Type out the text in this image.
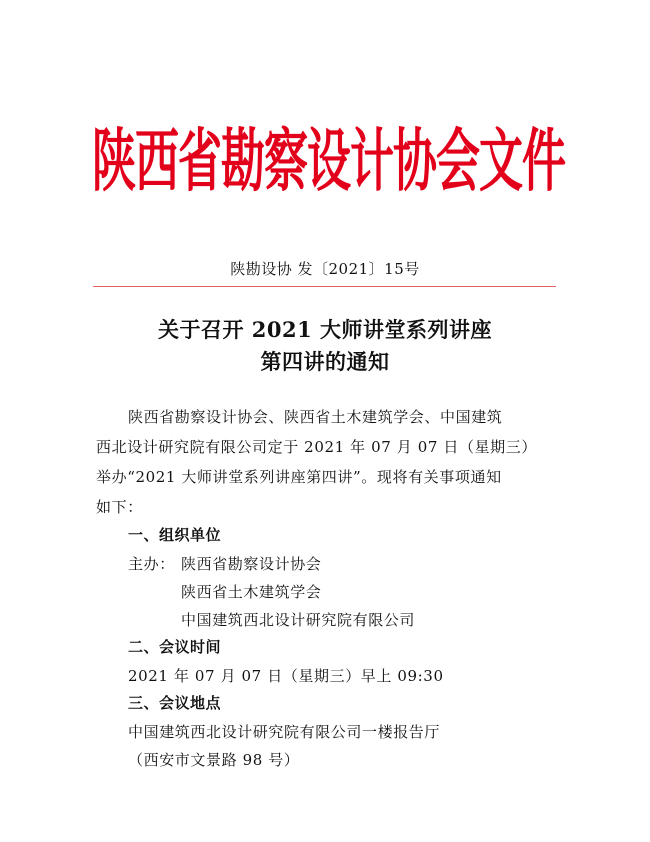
陕西省勘察设计协会文件
陕勘设协 发〔2021〕15号
关于召开 2021 大师讲堂系列讲座
第四讲的通知
陕西省勘察设计协会、陕西省土木建筑学会、中国建筑
西北设计研究院有限公司定于 2021 年 07 月 07 日（星期三）
举办“2021 大师讲堂系列讲座第四讲”。现将有关事项通知
如下：
一、组织单位
主办： 陕西省勘察设计协会
陕西省土木建筑学会
中国建筑西北设计研究院有限公司
二、会议时间
2021 年 07 月 07 日（星期三）早上 09:30
三、会议地点
中国建筑西北设计研究院有限公司一楼报告厅
（西安市文景路 98 号）
